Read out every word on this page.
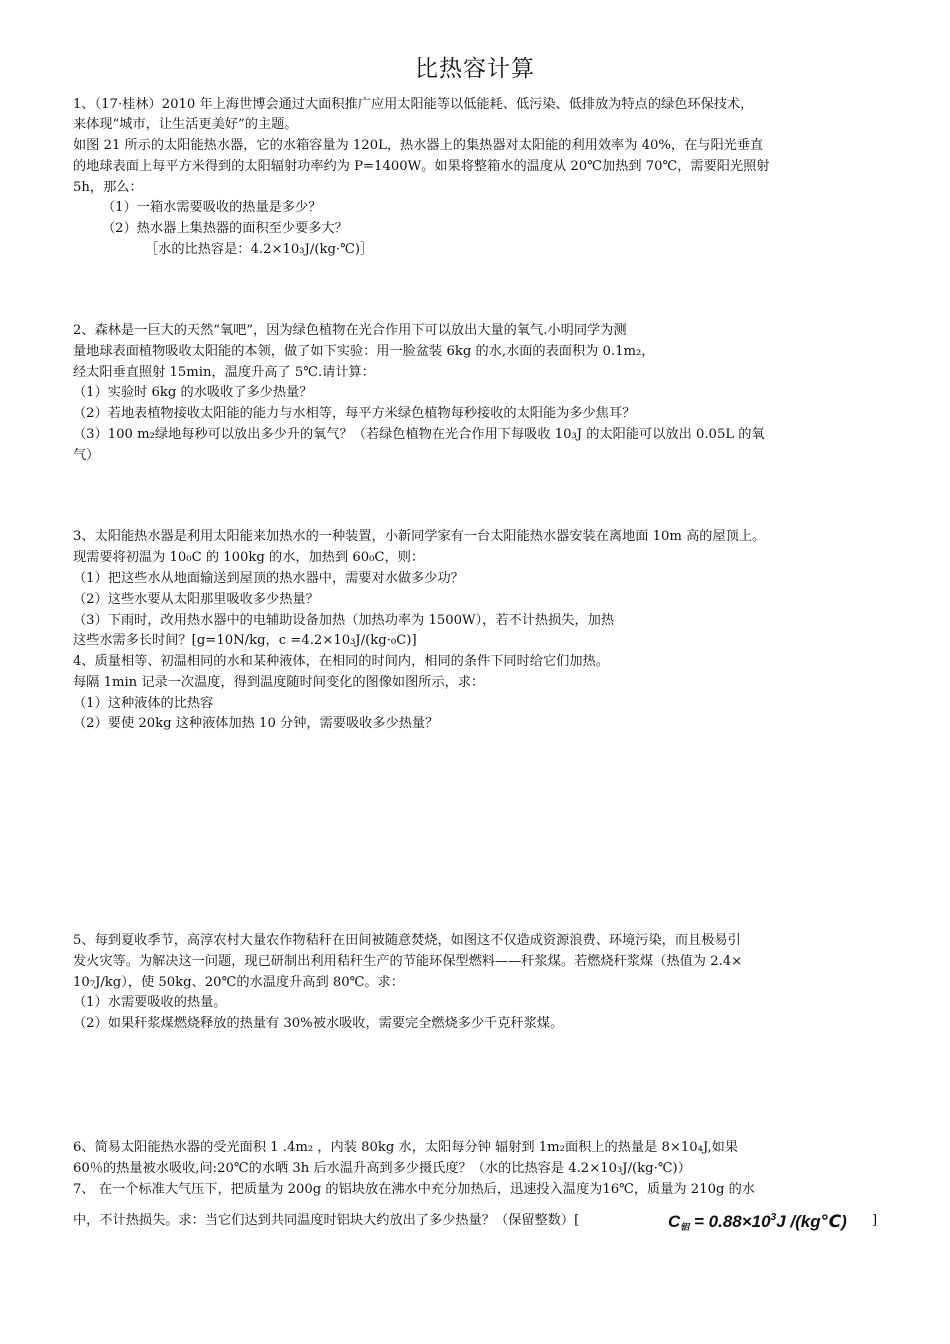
比热容计算
1、（17·桂林）2010 年上海世博会通过大面积推广应用太阳能等以低能耗、低污染、低排放为特点的绿色环保技术，
来体现“城市，让生活更美好”的主题。
如图 21 所示的太阳能热水器，它的水箱容量为 120L，热水器上的集热器对太阳能的利用效率为 40%，在与阳光垂直
的地球表面上每平方米得到的太阳辐射功率约为 P=1400W。如果将整箱水的温度从 20℃加热到 70℃，需要阳光照射
5h，那么：
（1）一箱水需要吸收的热量是多少？
（2）热水器上集热器的面积至少要多大？
［水的比热容是：4.2×10₃J/(kg·℃)］
2、森林是一巨大的天然“氧吧”，因为绿色植物在光合作用下可以放出大量的氧气.小明同学为测
量地球表面植物吸收太阳能的本领，做了如下实验：用一脸盆装 6kg 的水,水面的表面积为 0.1m₂，
经太阳垂直照射 15min，温度升高了 5℃.请计算：
（1）实验时 6kg 的水吸收了多少热量？
（2）若地表植物接收太阳能的能力与水相等，每平方米绿色植物每秒接收的太阳能为多少焦耳？
（3）100 m₂绿地每秒可以放出多少升的氧气？（若绿色植物在光合作用下每吸收 10₃J 的太阳能可以放出 0.05L 的氧
气）
3、太阳能热水器是利用太阳能来加热水的一种装置，小新同学家有一台太阳能热水器安装在离地面 10m 高的屋顶上。
现需要将初温为 10₀C 的 100kg 的水，加热到 60₀C，则：
（1）把这些水从地面输送到屋顶的热水器中，需要对水做多少功？
（2）这些水要从太阳那里吸收多少热量？
（3）下雨时，改用热水器中的电辅助设备加热（加热功率为 1500W），若不计热损失，加热
这些水需多长时间？[g=10N/kg，c =4.2×10₃J/(kg·₀C)]
4、质量相等、初温相同的水和某种液体，在相同的时间内，相同的条件下同时给它们加热。
每隔 1min 记录一次温度，得到温度随时间变化的图像如图所示，求：
（1）这种液体的比热容
（2）要使 20kg 这种液体加热 10 分钟，需要吸收多少热量？
5、每到夏收季节，高淳农村大量农作物秸秆在田间被随意焚烧，如图这不仅造成资源浪费、环境污染，而且极易引
发火灾等。为解决这一问题，现已研制出利用秸秆生产的节能环保型燃料——秆浆煤。若燃烧秆浆煤（热值为 2.4×
10₇J/kg），使 50kg、20℃的水温度升高到 80℃。求：
（1）水需要吸收的热量。
（2）如果秆浆煤燃烧释放的热量有 30%被水吸收，需要完全燃烧多少千克秆浆煤。
6、简易太阳能热水器的受光面积 1 .4m₂ ，内装 80kg 水，太阳每分钟 辐射到 1m₂面积上的热量是 8×10₄J,如果
60％的热量被水吸收,问:20℃的水晒 3h 后水温升高到多少摄氏度？（水的比热容是 4.2×10₃J/(kg·℃)）
7、 在一个标准大气压下，把质量为 200g 的铝块放在沸水中充分加热后，迅速投入温度为16℃，质量为 210g 的水
中，不计热损失。求：当它们达到共同温度时铝块大约放出了多少热量？（保留整数）[	$C_铝 = 0.88\times 10^3J$ /(kg℃) ]
